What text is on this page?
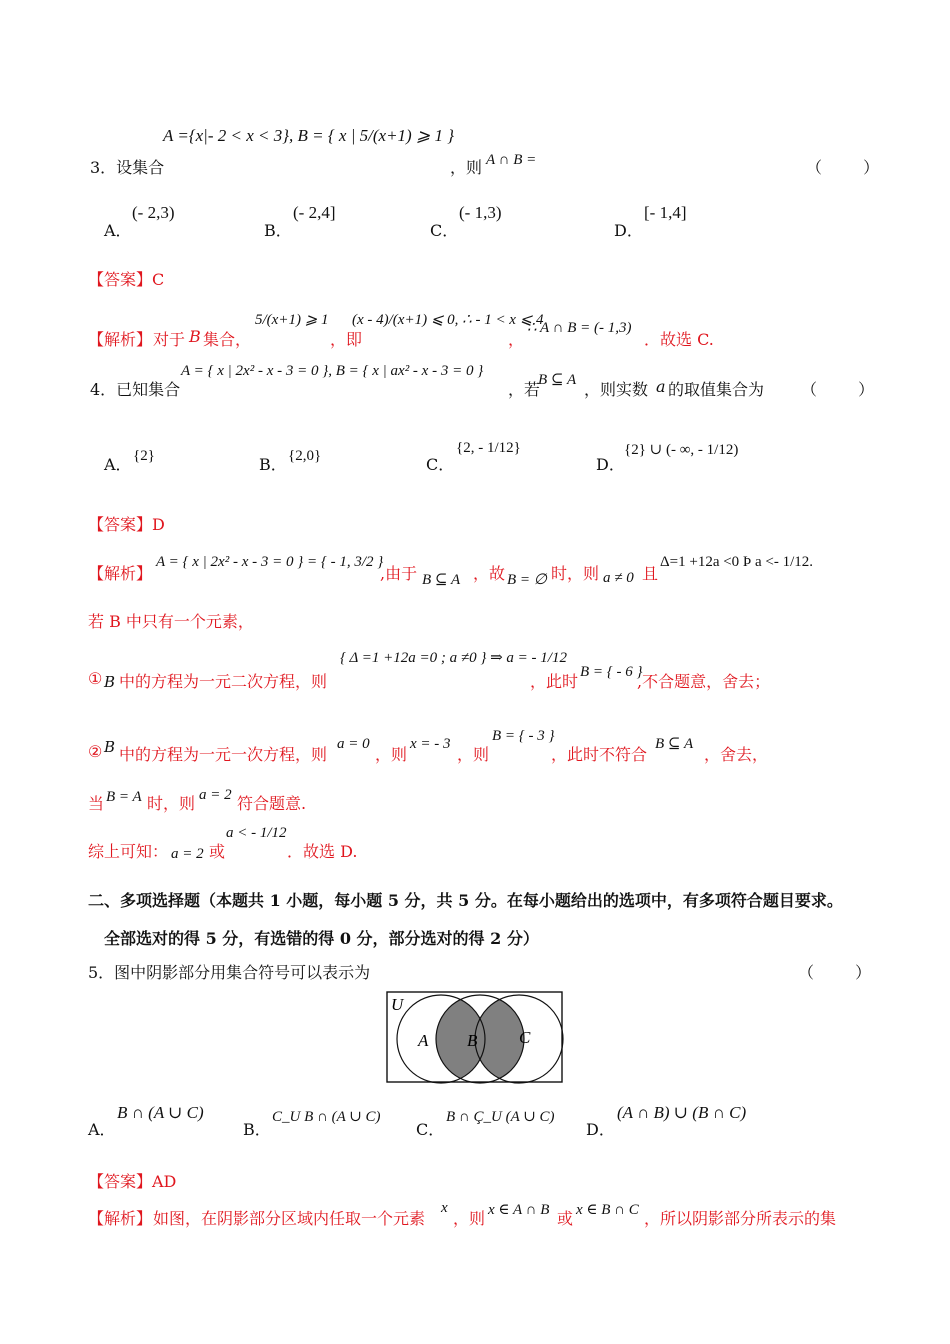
A ={x|- 2 < x < 3}, B = { x | 5/(x+1) ⩾ 1 }
3．设集合	，则 A ∩ B =	（ ）
A．
(- 2,3)
B．
(- 2,4]
C．
(- 1,3)
D．
[- 1,4]
【答案】C
【解析】 对于 B 集合，
5/(x+1) ⩾ 1
，即
(x - 4)/(x+1) ⩽ 0, ∴ - 1 < x ⩽ 4
，
∴ A ∩ B = (- 1,3)
．故选 C.
4．已知集合
A = { x | 2x² - x - 3 = 0 }, B = { x | ax² - x - 3 = 0 }
，若
B ⊆ A ，则实数 a 的取值集合为 （ ）
A． {2}	B． {2,0}	C．
{2, - 1/12}
D．
{2} ∪ (- ∞, - 1/12)
【答案】D
【解析】
A = { x | 2x² - x - 3 = 0 } = { - 1, 3/2 }
,由于 B ⊆ A ，故 B = ∅ 时，则 a ≠ 0 且
Δ=1 +12a <0 Þ a <- 1/12.
若 B 中只有一个元素，
① B 中的方程为一元二次方程，则
{ Δ =1 +12a =0 ; a ≠0 } ⇒ a = - 1/12
，此时 B = { - 6 }
,不合题意，舍去；
② B 中的方程为一元一次方程，则
a = 0
，则
x = - 3
，则
B = { - 3 }
，此时不符合
B ⊆ A
，舍去，
当 B = A 时，则 a = 2 符合题意.
综上可知： a = 2 或
a < - 1/12
．故选 D.
二、多项选择题（本题共 1 小题，每小题 5 分，共 5 分。在每小题给出的选项中，有多项符合题目要求。
全部选对的得 5 分，有选错的得 0 分，部分选对的得 2 分）
5．图中阴影部分用集合符号可以表示为	（ ）
U
A B C
A．
B ∩ (A ∪ C)
B．
C_U B ∩ (A ∪ C)
C．
B ∩ Ç_U (A ∪ C)
D．
(A ∩ B) ∪ (B ∩ C)
【答案】AD
【解析】 如图，在阴影部分区域内任取一个元素
x
，则 x ∈ A ∩ B 或 x ∈ B ∩ C ，所以阴影部分所表示的集
